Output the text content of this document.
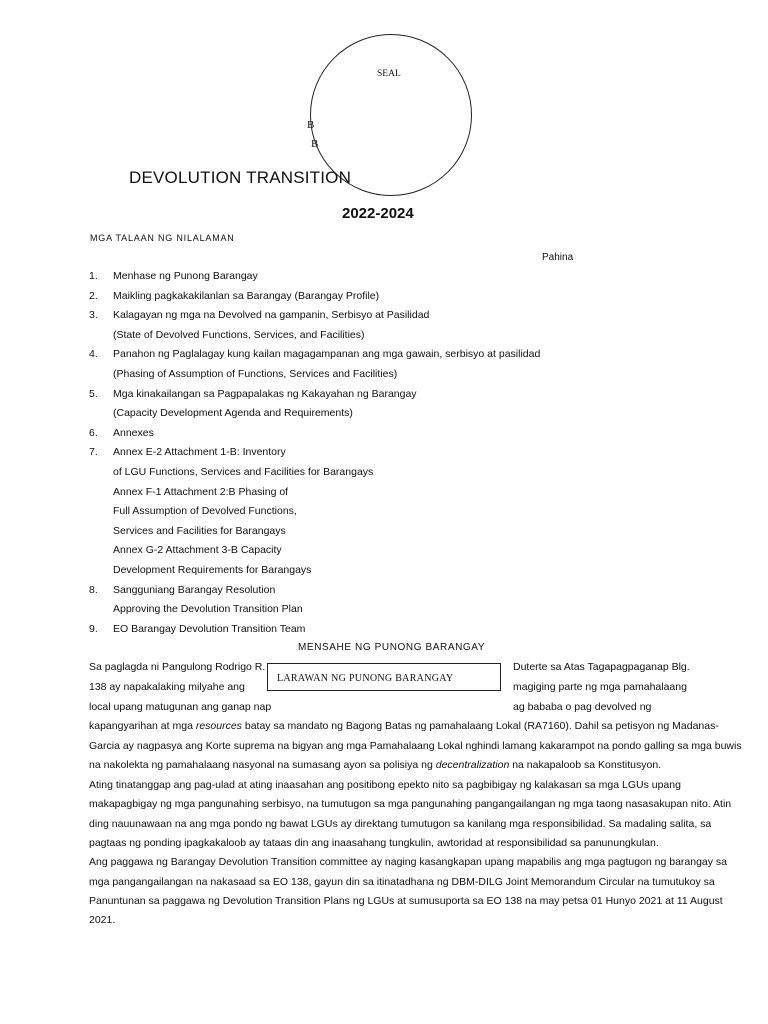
SEAL
B
B
DEVOLUTION TRANSITION
2022-2024
MGA TALAAN NG NILALAMAN
Pahina
1.	Menhase ng Punong Barangay
2.	Maikling pagkakakilanlan sa Barangay (Barangay Profile)
3.	Kalagayan ng mga na Devolved na gampanin, Serbisyo at Pasilidad
(State of Devolved Functions, Services, and Facilities)
4.	Panahon ng Paglalagay kung kailan magagampanan ang mga gawain, serbisyo at pasilidad
(Phasing of Assumption of Functions, Services and Facilities)
5.	Mga kinakailangan sa Pagpapalakas ng Kakayahan ng Barangay
(Capacity Development Agenda and Requirements)
6.	Annexes
7.	Annex E-2 Attachment 1-B: Inventory
of LGU Functions, Services and Facilities for Barangays
Annex F-1 Attachment 2:B Phasing of
Full Assumption of Devolved Functions,
Services and Facilities for Barangays
Annex G-2 Attachment 3-B Capacity
Development Requirements for Barangays
8.	Sangguniang Barangay Resolution
Approving the Devolution Transition Plan
9.	EO Barangay Devolution Transition Team
MENSAHE NG PUNONG BARANGAY
LARAWAN NG PUNONG BARANGAY
Sa paglagda ni Pangulong Rodrigo R.	Duterte sa Atas Tagapagpaganap Blg.
138 ay napakalaking milyahe ang	magiging parte ng mga pamahalaang
local upang matugunan ang ganap nap	ag bababa o pag devolved ng
kapangyarihan at mga resources batay sa mandato ng Bagong Batas ng pamahalaang Lokal (RA7160). Dahil sa petisyon ng Madanas-
Garcia ay nagpasya ang Korte suprema na bigyan ang mga Pamahalaang Lokal nghindi lamang kakarampot na pondo galling sa mga buwis
na nakolekta ng pamahalaang nasyonal na sumasang ayon sa polisiya ng decentralization na nakapaloob sa Konstitusyon.
Ating tinatanggap ang pag-ulad at ating inaasahan ang positibong epekto nito sa pagbibigay ng kalakasan sa mga LGUs upang
makapagbigay ng mga pangunahing serbisyo, na tumutugon sa mga pangunahing pangangailangan ng mga taong nasasakupan nito. Atin
ding nauunawaan na ang mga pondo ng bawat LGUs ay direktang tumutugon sa kanilang mga responsibilidad. Sa madaling salita, sa
pagtaas ng ponding ipagkakaloob ay tataas din ang inaasahang tungkulin, awtoridad at responsibilidad sa panunungkulan.
Ang paggawa ng Barangay Devolution Transition committee ay naging kasangkapan upang mapabilis ang mga pagtugon ng barangay sa
mga pangangailangan na nakasaad sa EO 138, gayun din sa itinatadhana ng DBM-DILG Joint Memorandum Circular na tumutukoy sa
Panuntunan sa paggawa ng Devolution Transition Plans ng LGUs at sumusuporta sa EO 138 na may petsa 01 Hunyo 2021 at 11 August
2021.
